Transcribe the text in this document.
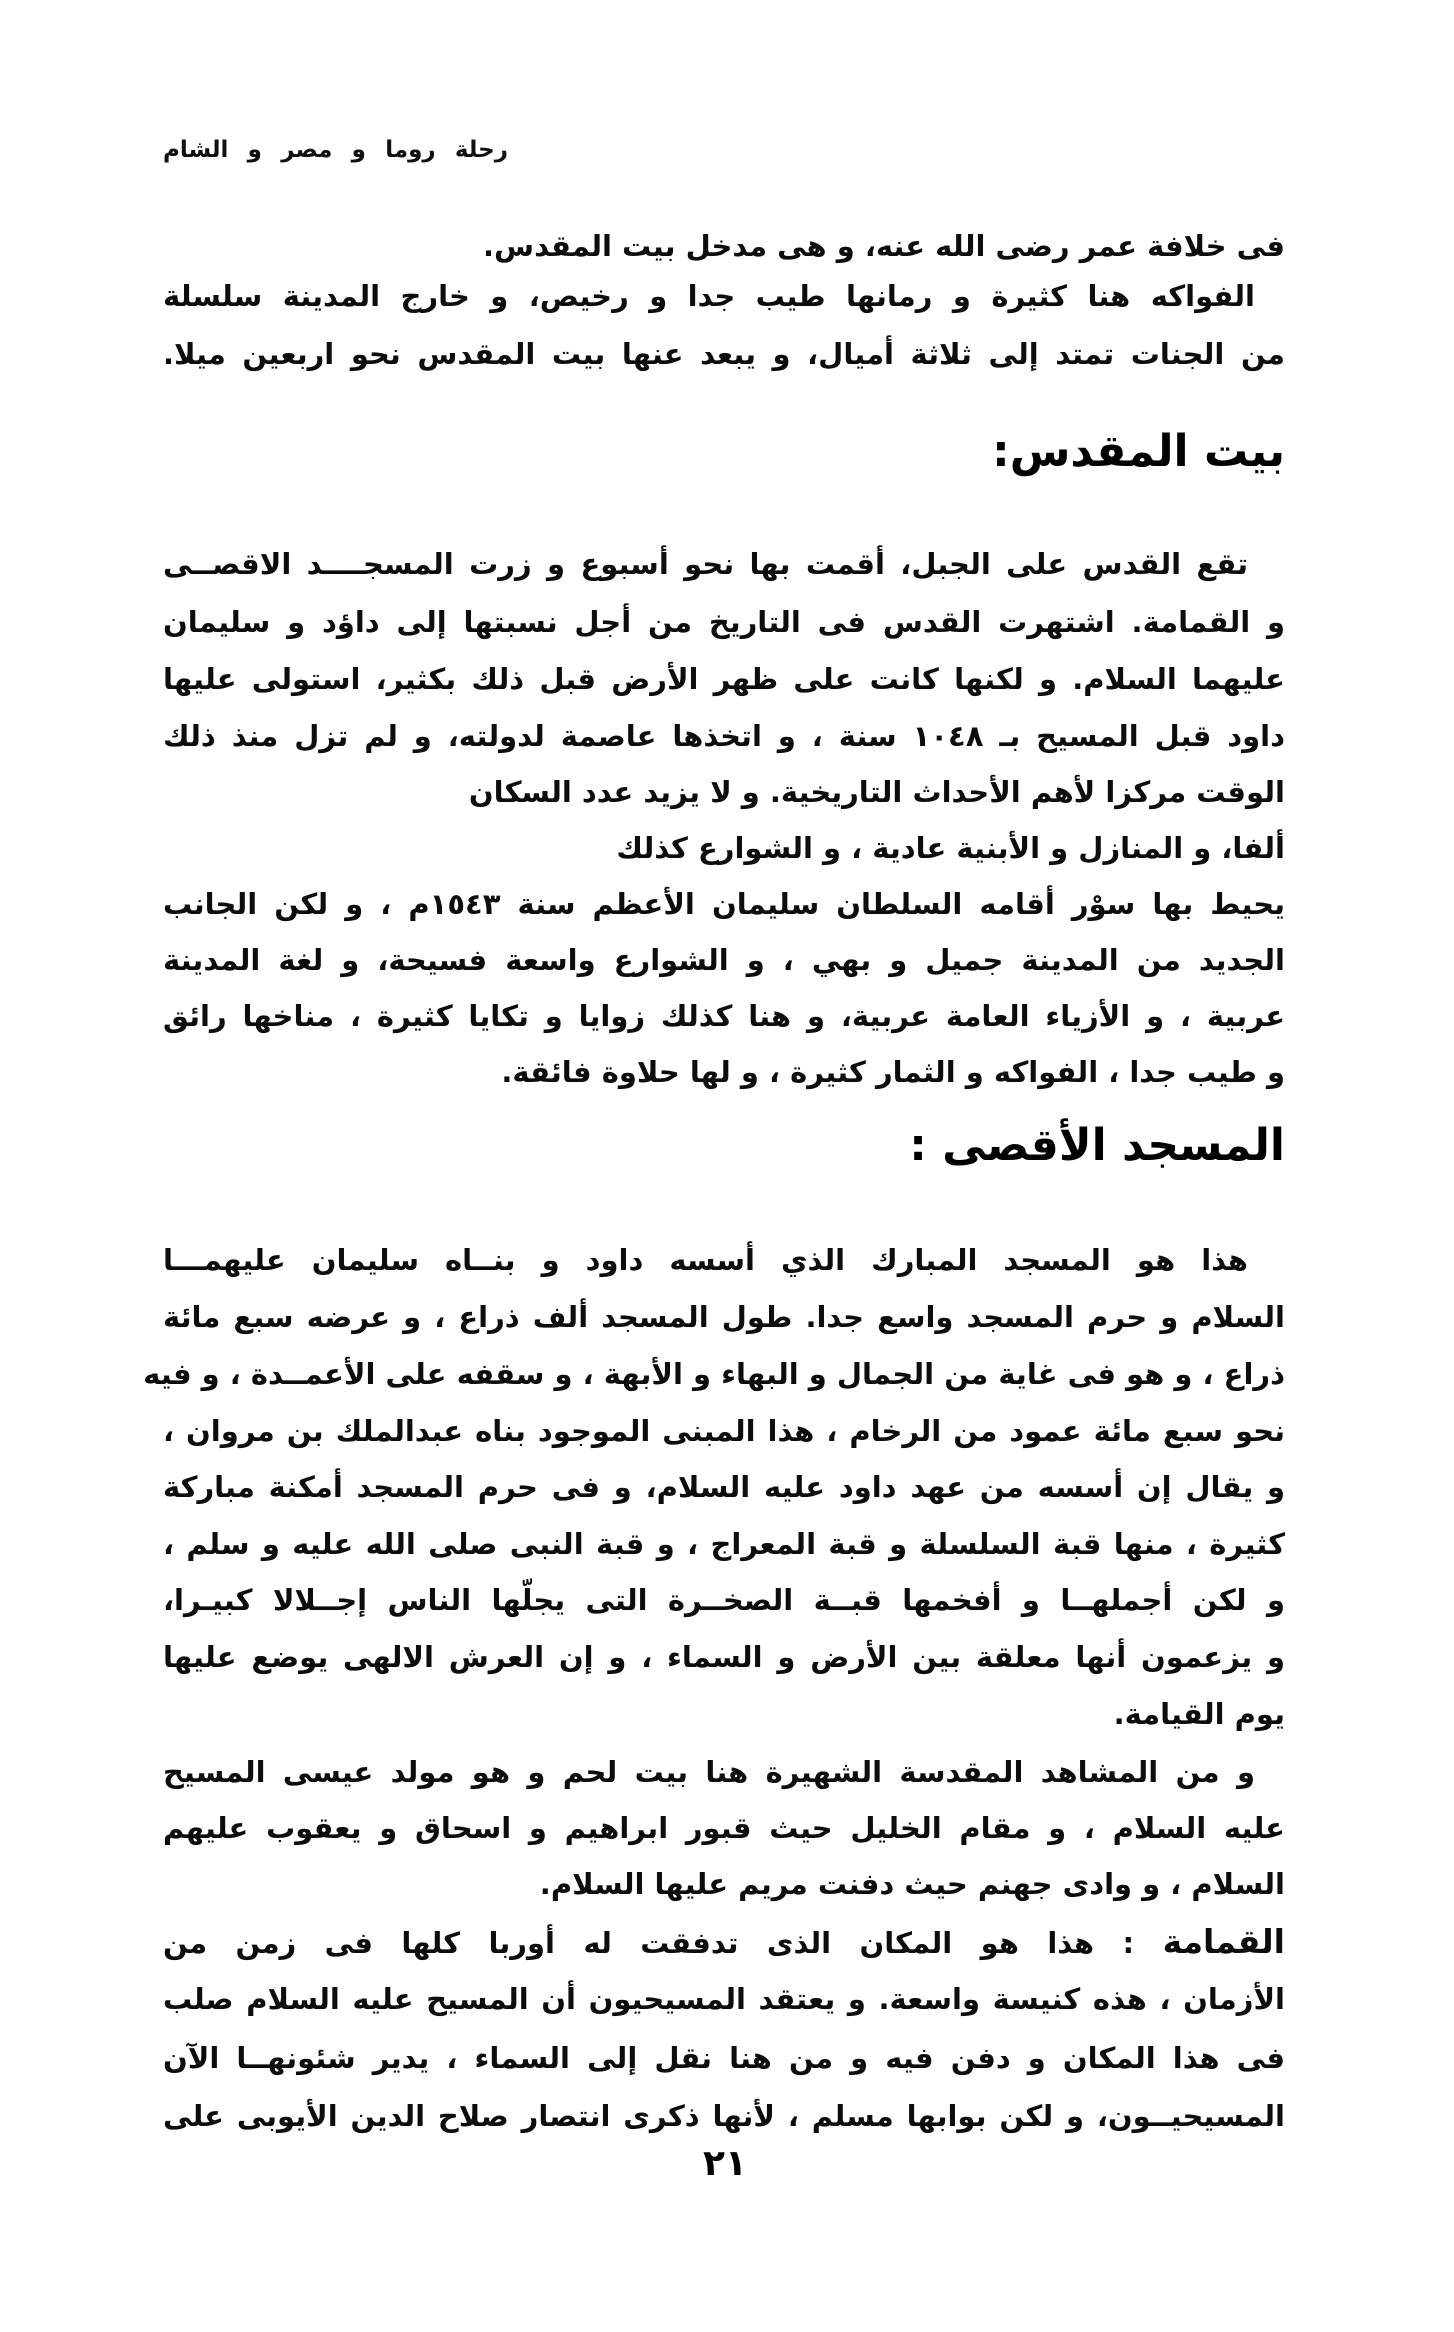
رحلة روما و مصر و الشام
فى خلافة عمر رضى الله عنه، و هى مدخل بيت المقدس.
الفواكه هنا كثيرة و رمانها طيب جدا و رخيص، و خارج المدينة سلسلة
من الجنات تمتد إلى ثلاثة أميال، و يبعد عنها بيت المقدس نحو اربعين ميلا.
بيت المقدس:
تقع القدس على الجبل، أقمت بها نحو أسبوع و زرت المسجــــد الاقصــى
و القمامة. اشتهرت القدس فى التاريخ من أجل نسبتها إلى داؤد و سليمان
عليهما السلام. و لكنها كانت على ظهر الأرض قبل ذلك بكثير، استولى عليها
داود قبل المسيح بـ ١٠٤٨ سنة ، و اتخذها عاصمة لدولته، و لم تزل منذ ذلك
الوقت مركزا لأهم الأحداث التاريخية. و لا يزيد عدد السكان
ألفا، و المنازل و الأبنية عادية ، و الشوارع كذلك
يحيط بها سوْر أقامه السلطان سليمان الأعظم سنة ١٥٤٣م ، و لكن الجانب
الجديد من المدينة جميل و بهي ، و الشوارع واسعة فسيحة، و لغة المدينة
عربية ، و الأزياء العامة عربية، و هنا كذلك زوايا و تكايا كثيرة ، مناخها رائق
و طيب جدا ، الفواكه و الثمار كثيرة ، و لها حلاوة فائقة.
المسجد الأقصى :
هذا هو المسجد المبارك الذي أسسه داود و بنــاه سليمان عليهمـــا
السلام و حرم المسجد واسع جدا. طول المسجد ألف ذراع ، و عرضه سبع مائة
ذراع ، و هو فى غاية من الجمال و البهاء و الأبهة ، و سقفه على الأعمــدة ، و فيه
نحو سبع مائة عمود من الرخام ، هذا المبنى الموجود بناه عبدالملك بن مروان ،
و يقال إن أسسه من عهد داود عليه السلام، و فى حرم المسجد أمكنة مباركة
كثيرة ، منها قبة السلسلة و قبة المعراج ، و قبة النبى صلى الله عليه و سلم ،
و لكن أجملهــا و أفخمها قبــة الصخــرة التى يجلّها الناس إجــلالا كبيـرا،
و يزعمون أنها معلقة بين الأرض و السماء ، و إن العرش الالهى يوضع عليها
يوم القيامة.
و من المشاهد المقدسة الشهيرة هنا بيت لحم و هو مولد عيسى المسيح
عليه السلام ، و مقام الخليل حيث قبور ابراهيم و اسحاق و يعقوب عليهم
السلام ، و وادى جهنم حيث دفنت مريم عليها السلام.
القمامة : هذا هو المكان الذى تدفقت له أوربا كلها فى زمن من
الأزمان ، هذه كنيسة واسعة. و يعتقد المسيحيون أن المسيح عليه السلام صلب
فى هذا المكان و دفن فيه و من هنا نقل إلى السماء ، يدير شئونهــا الآن
المسيحيــون، و لكن بوابها مسلم ، لأنها ذكرى انتصار صلاح الدين الأيوبى على
٢١
